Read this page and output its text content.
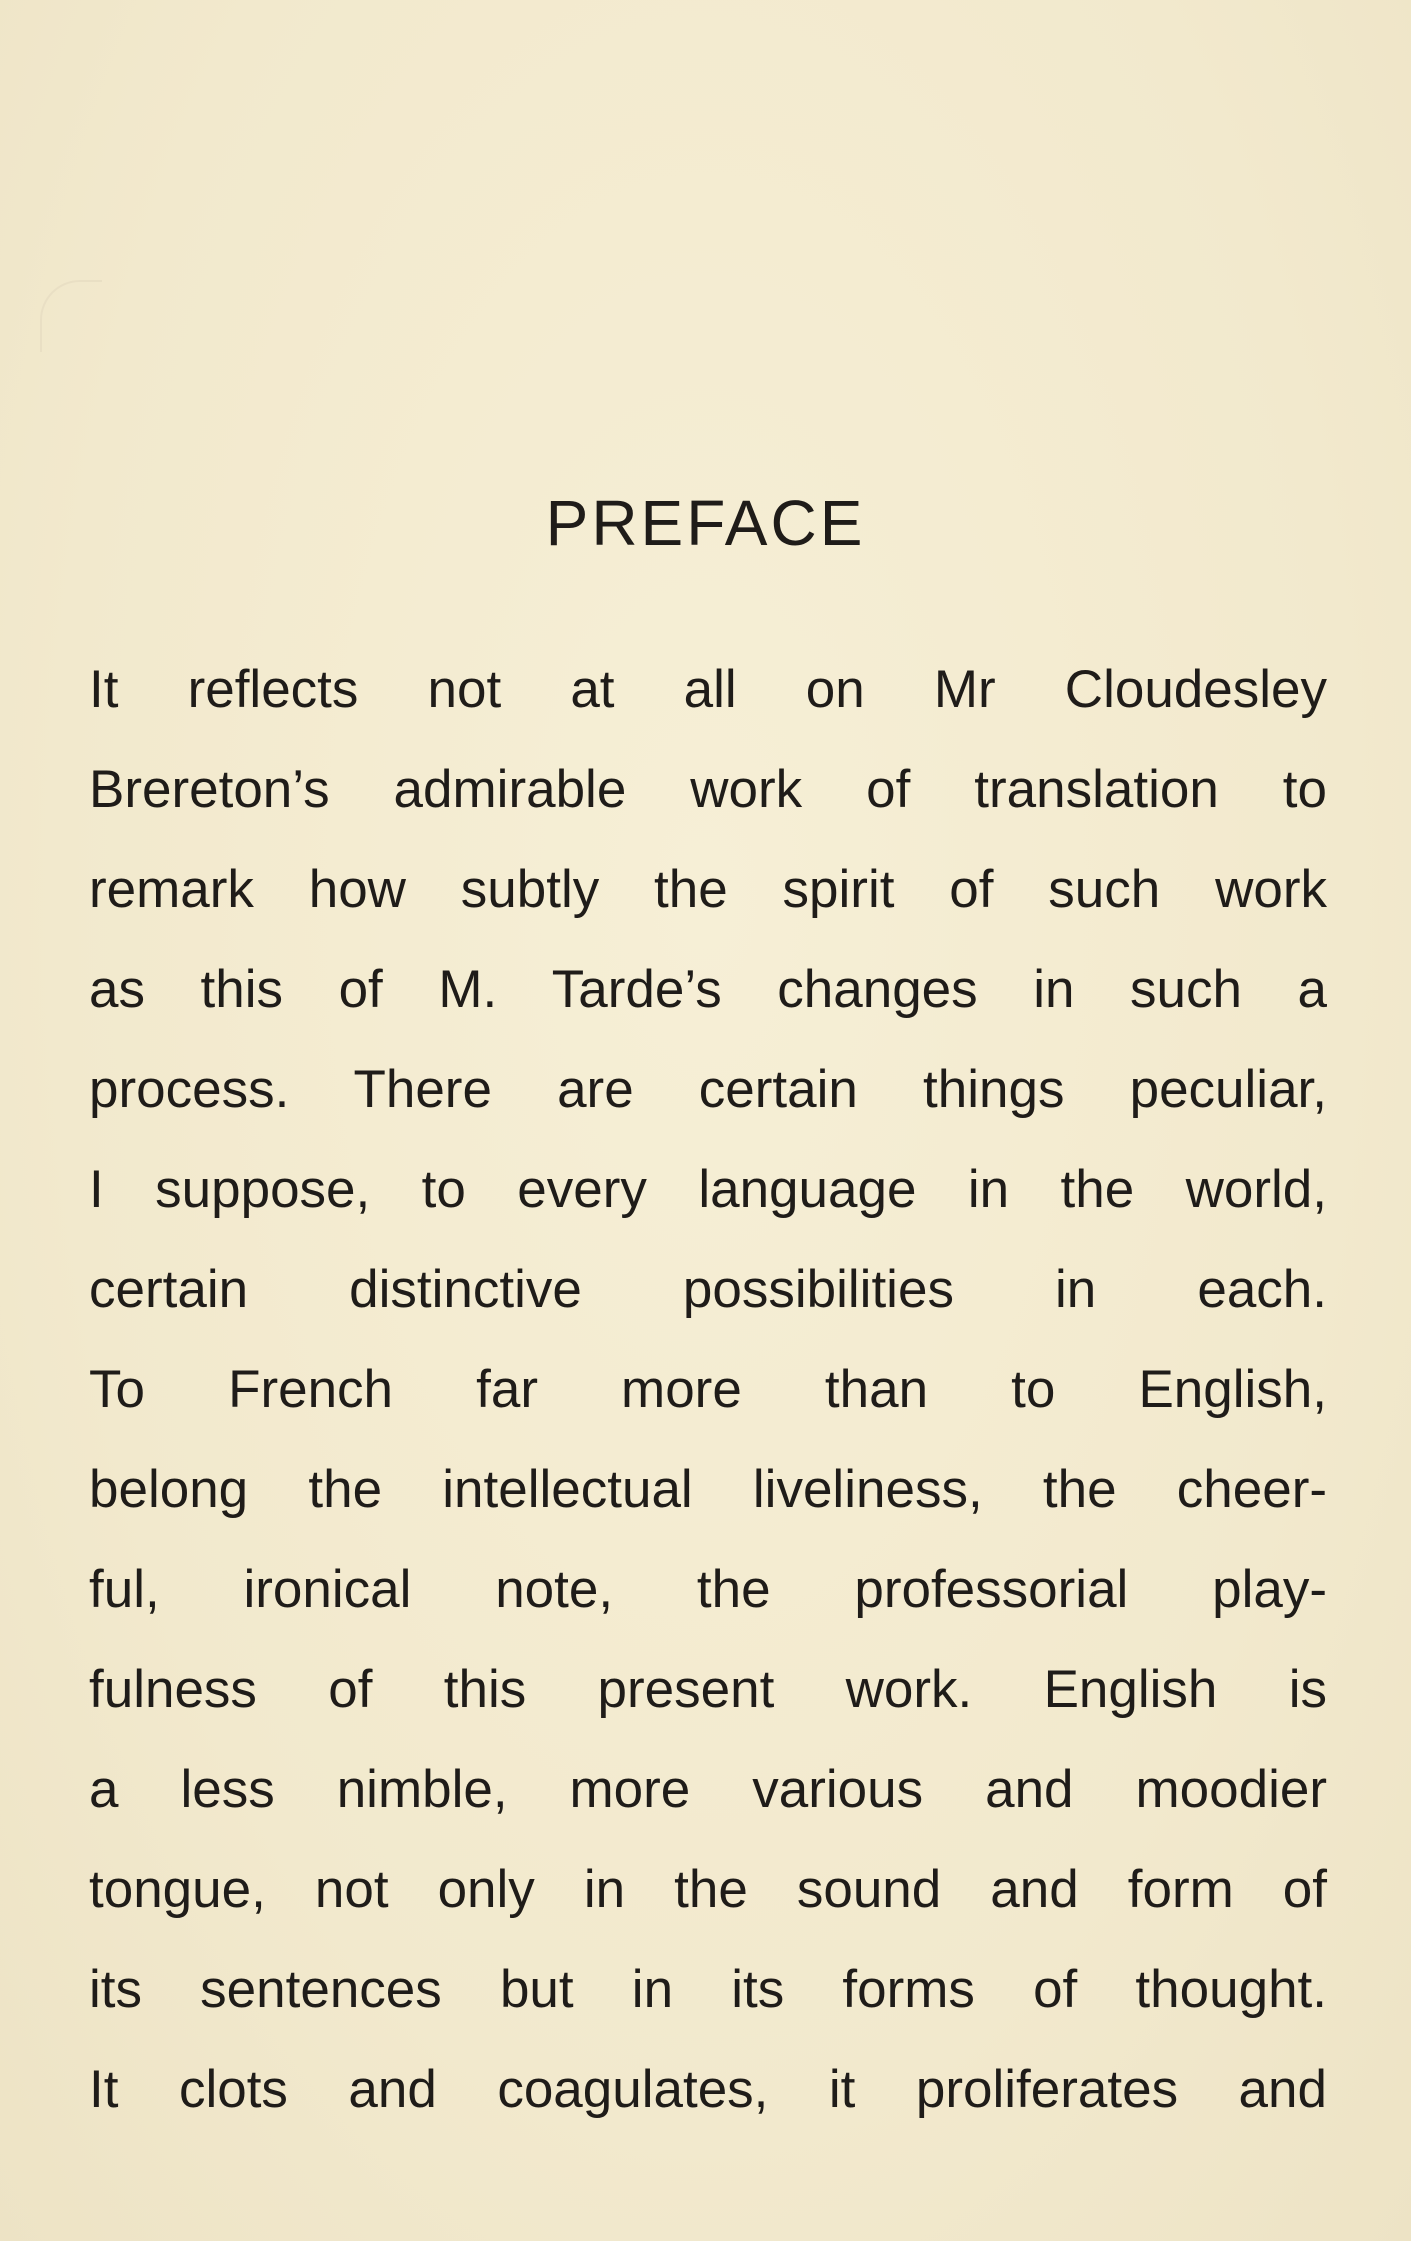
PREFACE
It reflects not at all on Mr Cloudesley
Brereton’s admirable work of translation to
remark how subtly the spirit of such work
as this of M. Tarde’s changes in such a
process. There are certain things peculiar,
I suppose, to every language in the world,
certain distinctive possibilities in each.
To French far more than to English,
belong the intellectual liveliness, the cheer-
ful, ironical note, the professorial play-
fulness of this present work. English is
a less nimble, more various and moodier
tongue, not only in the sound and form of
its sentences but in its forms of thought.
It clots and coagulates, it proliferates and
